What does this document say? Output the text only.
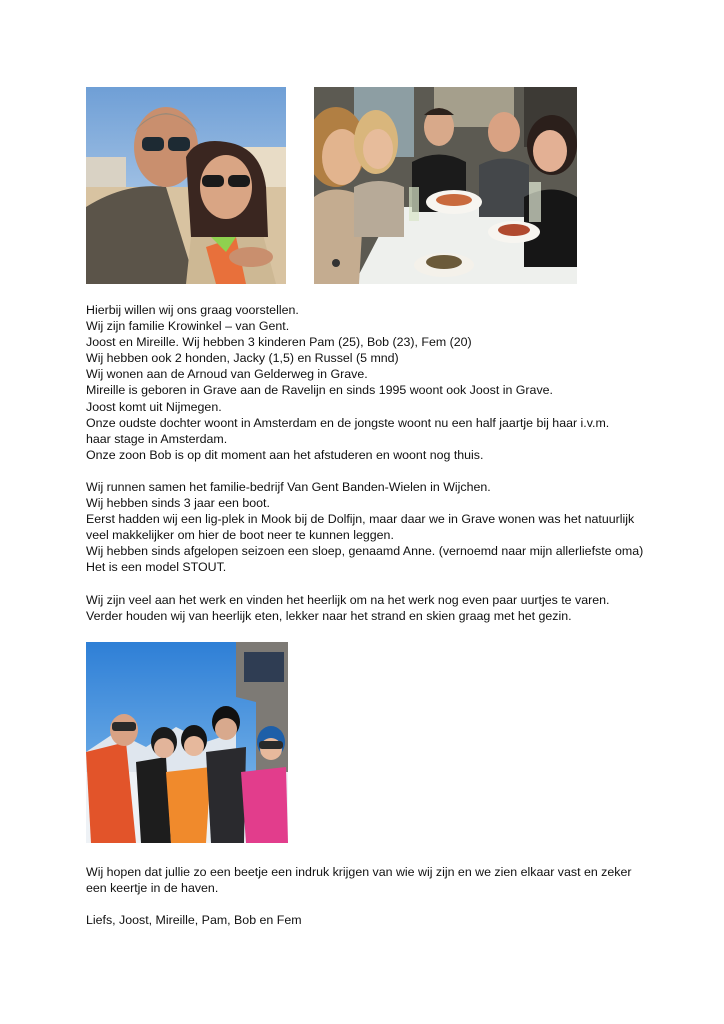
Hierbij willen wij ons graag voorstellen.

Wij zijn familie Krowinkel – van Gent.

Joost en Mireille. Wij hebben 3 kinderen Pam (25), Bob (23), Fem (20)

Wij hebben ook 2 honden, Jacky (1,5) en Russel (5 mnd)

Wij wonen aan de Arnoud van Gelderweg in Grave.

Mireille is geboren in Grave aan de Ravelijn en sinds 1995 woont ook Joost in Grave.

Joost komt uit Nijmegen.

Onze oudste dochter woont in Amsterdam en de jongste woont nu een half jaartje bij haar i.v.m.

haar stage in Amsterdam.

Onze zoon Bob is op dit moment aan het afstuderen en woont nog thuis.

Wij runnen samen het familie-bedrijf Van Gent Banden-Wielen in Wijchen.

Wij hebben sinds 3 jaar een boot.

Eerst hadden wij een lig-plek in Mook bij de Dolfijn, maar daar we in Grave wonen was het natuurlijk

veel makkelijker om hier de boot neer te kunnen leggen.

Wij hebben sinds afgelopen seizoen een sloep, genaamd Anne. (vernoemd naar mijn allerliefste oma)

Het is een model STOUT.

Wij zijn veel aan het werk en vinden het heerlijk om na het werk nog even paar uurtjes te varen.

Verder houden wij van heerlijk eten, lekker naar het strand en skien graag met het gezin.

Wij hopen dat jullie zo een beetje een indruk krijgen van wie wij zijn en we zien elkaar vast en zeker

een keertje in de haven.

Liefs, Joost, Mireille, Pam, Bob en Fem
